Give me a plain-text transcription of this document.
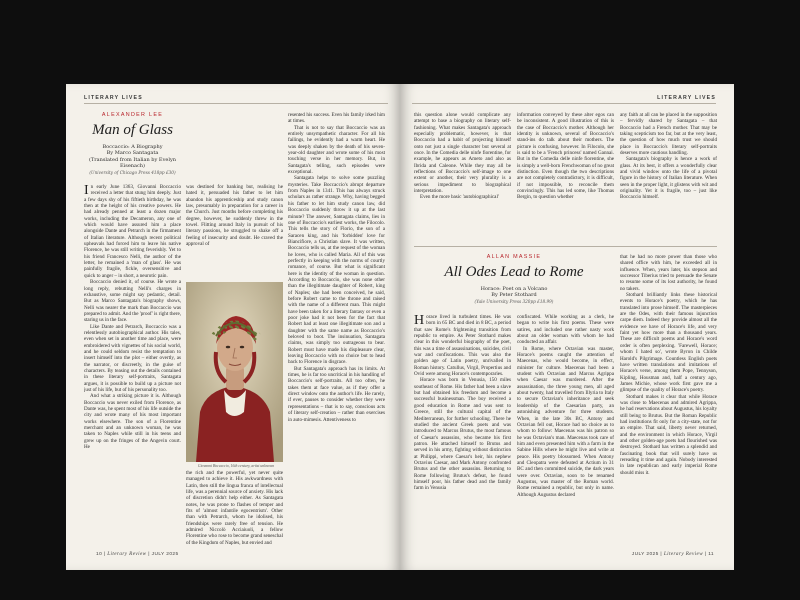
LITERARY LIVES
ALEXANDER LEE
Man of Glass
Boccaccio: A Biography
By Marco Santagata
(Translated from Italian by Evelyn Eisenach)
(University of Chicago Press 418pp £30)

In early June 1363, Giovanni Boccaccio received a letter that stung him deeply. Just a few days shy of his fiftieth birthday, he was then at the height of his creative powers. He had already penned at least a dozen major works, including the Decameron, any one of which would have assured him a place alongside Dante and Petrarch in the firmament of Italian literature. Although recent political upheavals had forced him to leave his native Florence, he was still writing feverishly. Yet to his friend Francesco Nelli, the author of the letter, he remained a 'man of glass'. He was painfully fragile, fickle, oversensitive and quick to anger – in short, a neurotic pain.

Boccaccio denied it, of course. He wrote a long reply, rebutting Nelli's charges in exhaustive, some might say pedantic, detail. But as Marco Santagata's biography shows, Nelli was nearer the mark than Boccaccio was prepared to admit. And the 'proof' is right there, staring us in the face.

Like Dante and Petrarch, Boccaccio was a relentlessly autobiographical author. His tales, even when set in another time and place, were embroidered with vignettes of his social world, and he could seldom resist the temptation to insert himself into the plot – either overtly, as the narrator, or discreetly, in the guise of characters. By teasing out the details contained in these literary self-portraits, Santagata argues, it is possible to build up a picture not just of his life, but of his personality too.

And what a striking picture it is. Although Boccaccio was never exiled from Florence, as Dante was, he spent most of his life outside the city and wrote many of his most important works elsewhere. The son of a Florentine merchant and an unknown woman, he was taken to Naples while still in his teens and grew up on the fringes of the Angevin court. He

was destined for banking but, realising he hated it, persuaded his father to let him abandon his apprenticeship and study canon law, presumably in preparation for a career in the Church. Just months before completing his degree, however, he suddenly threw in the towel. Flitting around Italy in pursuit of his literary passions, he struggled to shake off a feeling of insecurity and doubt. He craved the approval of

Giovanni Boccaccio, 16th century, artist unknown

the rich and the powerful, yet never quite managed to achieve it. His awkwardness with Latin, then still the lingua franca of intellectual life, was a perennial source of anxiety. His lack of discretion didn't help either. As Santagata notes, he was prone to flashes of temper and fits of 'almost infantile egocentrism'. Other than with Petrarch, whom he idolised, his friendships were rarely free of tension. He admired Niccolò Acciaiuoli, a fellow Florentine who rose to become grand seneschal of the Kingdom of Naples, but envied and

resented his success. Even his family irked him at times.

That is not to say that Boccaccio was an entirely unsympathetic character. For all his failings, he evidently had a warm heart. He was deeply shaken by the death of his seven-year-old daughter and wrote some of his most touching verse in her memory. But, in Santagata's telling, such episodes were exceptional.

Santagata helps to solve some puzzling mysteries. Take Boccaccio's abrupt departure from Naples in 1341. This has always struck scholars as rather strange. Why, having begged his father to let him study canon law, did Boccaccio suddenly throw it up at the last minute? The answer, Santagata claims, lies in one of Boccaccio's earliest works, the Filocolo. This tells the story of Florio, the son of a Saracen king, and his 'forbidden' love for Biancifiore, a Christian slave. It was written, Boccaccio tells us, at the request of the woman he loves, who is called Maria. All of this was perfectly in keeping with the norms of courtly romance, of course. But what is significant here is the identity of the woman in question. According to Boccaccio, she was none other than the illegitimate daughter of Robert, king of Naples; she had been conceived, he said, before Robert came to the throne and raised with the name of a different man. This might have been taken for a literary fantasy or even a poor joke had it not been for the fact that Robert had at least one illegitimate son and a daughter with the same name as Boccaccio's beloved to boot. The insinuation, Santagata claims, was simply too outrageous to bear. Robert must have made his displeasure clear, leaving Boccaccio with no choice but to head back to Florence in disgrace.

But Santagata's approach has its limits. At times, he is far too uncritical in his handling of Boccaccio's self-portraits. All too often, he takes them at face value, as if they offer a direct window onto the author's life. He rarely, if ever, pauses to consider whether they were representations – that is to say, conscious acts of literary self-creation – rather than exercises in auto-mimesis. Attentiveness to

10 | Literary Review | JULY 2025
LITERARY LIVES

this question alone would complicate any attempt to base a biography on literary self-fashioning. What makes Santagata's approach especially problematic, however, is that Boccaccio had a habit of projecting himself onto not just a single character but several at once. In the Comedia delle ninfe fiorentine, for example, he appears as Ameto and also as Ibrida and Caleone. While they may all be reflections of Boccaccio's self-image to one extent or another, their very plurality is a serious impediment to biographical interpretation.

Even the more basic 'autobiographical'

information conveyed by these alter egos can be inconsistent. A good illustration of this is the case of Boccaccio's mother. Although her identity is unknown, several of Boccaccio's stand-ins do talk about their mothers. The picture is confusing, however. In Filocolo, she is said to be a 'French princess' named Gannai. But in the Comedia delle ninfe fiorentine, she is simply a well-born Frenchwoman of no great distinction. Even though the two descriptions are not completely contradictory, it is difficult, if not impossible, to reconcile them convincingly. This has led some, like Thomas Bergin, to question whether

any faith at all can be placed in the supposition – fervidly shared by Santagata – that Boccaccio had a French mother. That may be taking scepticism too far, but at the very least, the question of how much trust we should place in Boccaccio's literary self-portraits deserves more cautious handling.

Santagata's biography is hence a work of glass. At its best, it offers a wonderfully clear and vivid window onto the life of a pivotal figure in the history of Italian literature. When seen in the proper light, it glistens with wit and originality. Yet it is fragile, too – just like Boccaccio himself.

ALLAN MASSIE
All Odes Lead to Rome
Horace: Poet on a Volcano
By Peter Stothard
(Yale University Press 320pp £18.99)

Horace lived in turbulent times. He was born in 65 BC and died in 8 BC, a period that saw Rome's frightening transition from republic to empire. As Peter Stothard makes clear in this wonderful biography of the poet, this was a time of assassinations, suicides, civil war and confiscations. This was also the golden age of Latin poetry, unrivalled in Roman history. Catullus, Virgil, Propertius and Ovid were among Horace's contemporaries.

Horace was born in Venusia, 150 miles southeast of Rome. His father had been a slave but had obtained his freedom and become a successful businessman. The boy received a good education in Rome and was sent to Greece, still the cultural capital of the Mediterranean, for further schooling. There he studied the ancient Greek poets and was introduced to Marcus Brutus, the most famous of Caesar's assassins, who became his first patron. He attached himself to Brutus and served in his army, fighting without distinction at Philippi, where Caesar's heir, his nephew Octavius Caesar, and Mark Antony confronted Brutus and the other assassins. Returning to Rome following Brutus's defeat, he found himself poor, his father dead and the family farm in Venusia

confiscated. While working as a clerk, he began to write his first poems. These were satires, and included one rather nasty work about an older woman with whom he had conducted an affair.

In Rome, where Octavian was master, Horace's poems caught the attention of Maecenas, who would become, in effect, minister for culture. Maecenas had been a student with Octavian and Marcus Agrippa when Caesar was murdered. After the assassination, the three young men, all aged about twenty, had travelled from Illyria to Italy to secure Octavian's inheritance and seek leadership of the Caesarian party, an astonishing adventure for three students. When, in the late 30s BC, Antony and Octavian fell out, Horace had no choice as to whom to follow: Maecenas was his patron so he was Octavian's man. Maecenas took care of him and even presented him with a farm in the Sabine Hills where he might live and write at peace. His poetry blossomed. When Antony and Cleopatra were defeated at Actium in 31 BC and then committed suicide, the dark years were over. Octavian, soon to be renamed Augustus, was master of the Roman world. Rome remained a republic, but only in name. Although Augustus declared

that he had no more power than those who shared office with him, he exceeded all in influence. When, years later, his stepson and successor Tiberius tried to persuade the Senate to resume some of its lost authority, he found no takers.

Stothard brilliantly links these historical events to Horace's poetry, which he has translated into prose himself. The masterpieces are the Odes, with their famous injunction carpe diem. Indeed they provide almost all the evidence we have of Horace's life, and very faint yet how more than a thousand years. These are difficult poems and Horace's word order is often perplexing. 'Farewell, Horace; whom I hated so', wrote Byron in Childe Harold's Pilgrimage. Countless English poets have written translations and imitations of Horace's verse, among them Pope, Tennyson, Kipling, Housman and, half a century ago, James Michie, whose work first gave me a glimpse of the quality of Horace's poetry.

Stothard makes it clear that while Horace was close to Maecenas and admired Agrippa, he had reservations about Augustus, his loyalty still being to Brutus. But the Roman Republic had institutions fit only for a city-state, not for an empire. That said, liberty never returned, and the environment in which Horace, Virgil and other golden-age poets had flourished was destroyed. Stothard has written a splendid and fascinating book that will surely have us rereading it time and again. Nobody interested in late republican and early imperial Rome should miss it.

JULY 2025 | Literary Review | 11
